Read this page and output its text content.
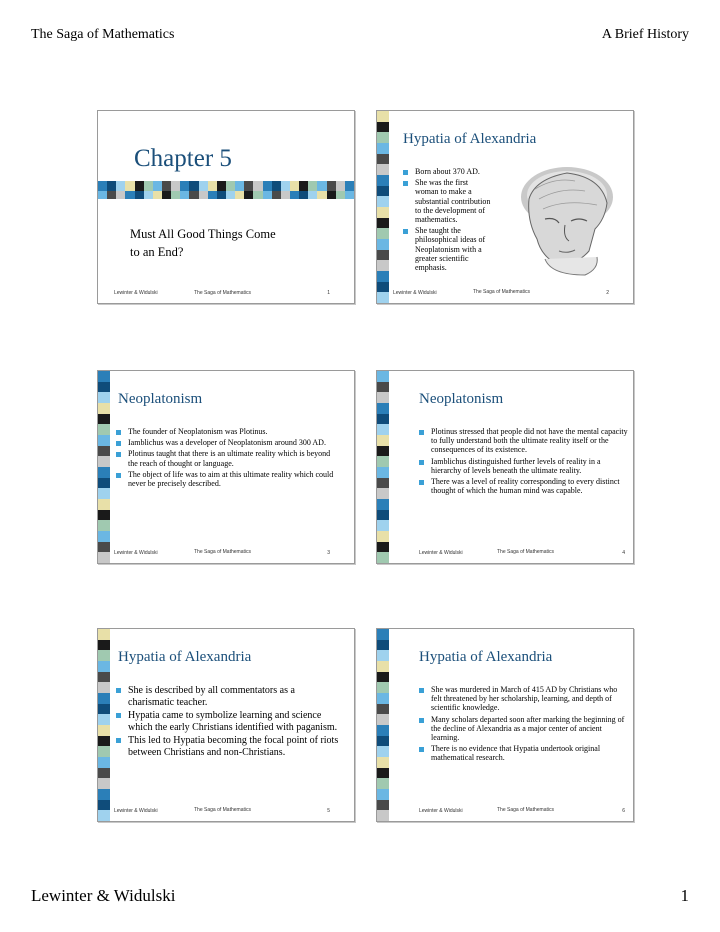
The Saga of Mathematics	A Brief History
Chapter 5
Must All Good Things Come to an End?
Lewinter & Widulski	The Saga of Mathematics	1
Hypatia of Alexandria
Born about 370 AD.
She was the first woman to make a substantial contribution to the development of mathematics.
She taught the philosophical ideas of Neoplatonism with a greater scientific emphasis.
Lewinter & Widulski	The Saga of Mathematics	2
Neoplatonism
The founder of Neoplatonism was Plotinus.
Iamblichus was a developer of Neoplatonism around 300 AD.
Plotinus taught that there is an ultimate reality which is beyond the reach of thought or language.
The object of life was to aim at this ultimate reality which could never be precisely described.
Lewinter & Widulski	The Saga of Mathematics	3
Neoplatonism
Plotinus stressed that people did not have the mental capacity to fully understand both the ultimate reality itself or the consequences of its existence.
Iamblichus distinguished further levels of reality in a hierarchy of levels beneath the ultimate reality.
There was a level of reality corresponding to every distinct thought of which the human mind was capable.
Lewinter & Widulski	The Saga of Mathematics	4
Hypatia of Alexandria
She is described by all commentators as a charismatic teacher.
Hypatia came to symbolize learning and science which the early Christians identified with paganism.
This led to Hypatia becoming the focal point of riots between Christians and non-Christians.
Lewinter & Widulski	The Saga of Mathematics	5
Hypatia of Alexandria
She was murdered in March of 415 AD by Christians who felt threatened by her scholarship, learning, and depth of scientific knowledge.
Many scholars departed soon after marking the beginning of the decline of Alexandria as a major center of ancient learning.
There is no evidence that Hypatia undertook original mathematical research.
Lewinter & Widulski	The Saga of Mathematics	6
Lewinter & Widulski	1
